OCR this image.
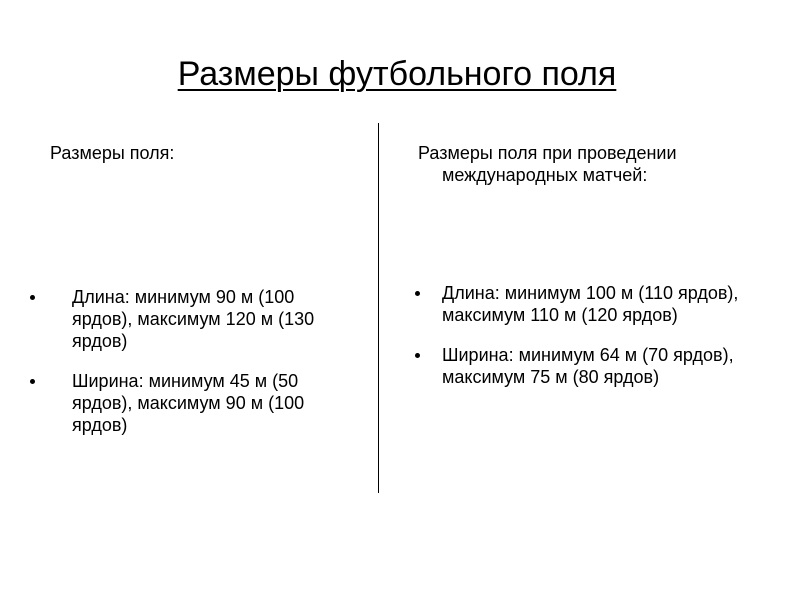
Размеры футбольного поля
Размеры поля:	Размеры поля при проведении
международных матчей:
Длина: минимум 90 м (100 ярдов), максимум 120 м (130 ярдов)
Ширина: минимум 45 м (50 ярдов), максимум 90 м (100 ярдов)
Длина: минимум 100 м (110 ярдов), максимум 110 м (120 ярдов)
Ширина: минимум 64 м (70 ярдов), максимум 75 м (80 ярдов)
